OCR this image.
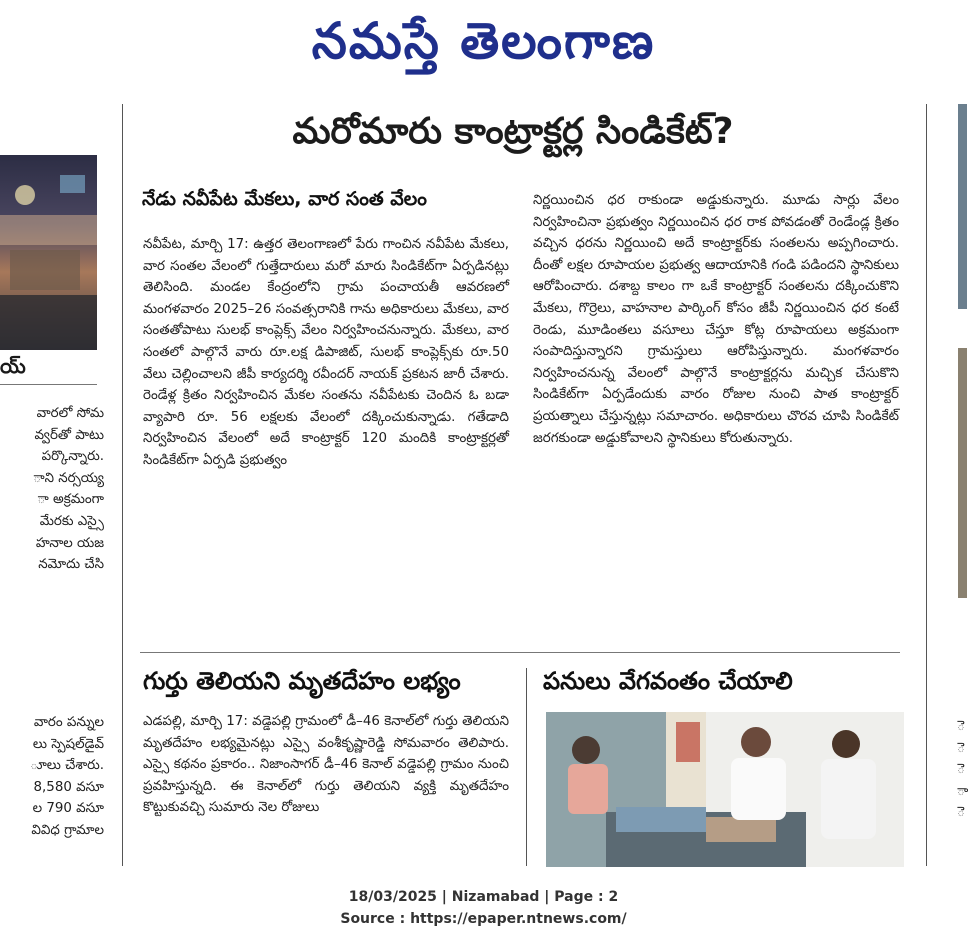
నమస్తే తెలంగాణ
య్
వారలో సోమ
వ్వర్‌తో పాటు
పర్కొన్నారు.
ాని నర్సయ్య
ా అక్రమంగా
మేరకు ఎస్సై
హనాల యజ
నమోదు చేసి
వారం పన్నుల
లు స్పెషల్‌డైవ్
ూలు చేశారు.
8,580 వసూ
ల 790 వసూ
వివిధ గ్రామాల
మరోమారు కాంట్రాక్టర్ల సిండికేట్?
నేడు నవీపేట మేకలు, వార సంత వేలం

నవీపేట, మార్చి 17: ఉత్తర తెలంగాణలో పేరు గాంచిన నవీపేట మేకలు, వార సంతల వేలంలో గుత్తేదారులు మరో మారు సిండికేట్‌గా ఏర్పడినట్లు తెలిసింది. మండల కేంద్రంలోని గ్రామ పంచాయతీ ఆవరణలో మంగళవారం 2025–26 సంవత్సరానికి గాను అధికారులు మేకలు, వార సంతతోపాటు సులభ్ కాంప్లెక్స్ వేలం నిర్వహించనున్నారు. మేకలు, వార సంతలో పాల్గొనే వారు రూ.లక్ష డిపాజిట్, సులభ్ కాంప్లెక్స్‌కు రూ.50 వేలు చెల్లించాలని జీపీ కార్యదర్శి రవీందర్ నాయక్ ప్రకటన జారీ చేశారు. రెండేళ్ల క్రితం నిర్వహించిన మేకల సంతను నవీపేటకు చెందిన ఓ బడా వ్యాపారి రూ. 56 లక్షలకు వేలంలో దక్కించుకున్నాడు. గతేడాది నిర్వహించిన వేలంలో అదే కాంట్రాక్టర్ 120 మందికి కాంట్రాక్టర్లతో సిండికేట్‌గా ఏర్పడి ప్రభుత్వం

నిర్ణయించిన ధర రాకుండా అడ్డుకున్నారు. మూడు సార్లు వేలం నిర్వహించినా ప్రభుత్వం నిర్ణయించిన ధర రాక పోవడంతో రెండేండ్ల క్రితం వచ్చిన ధరను నిర్ణయించి అదే కాంట్రాక్టర్‌కు సంతలను అప్పగించారు. దీంతో లక్షల రూపాయల ప్రభుత్వ ఆదాయానికి గండి పడిందని స్థానికులు ఆరోపించారు. దశాబ్ద కాలం గా ఒకే కాంట్రాక్టర్ సంతలను దక్కించుకొని మేకలు, గొర్రెలు, వాహనాల పార్కింగ్ కోసం జీపీ నిర్ణయించిన ధర కంటే రెండు, మూడింతలు వసూలు చేస్తూ కోట్ల రూపాయలు అక్రమంగా సంపాదిస్తున్నారని గ్రామస్తులు ఆరోపిస్తున్నారు. మంగళవారం నిర్వహించనున్న వేలంలో పాల్గొనే కాంట్రాక్టర్లను మచ్చిక చేసుకొని సిండికేట్‌గా ఏర్పడేందుకు వారం రోజుల నుంచి పాత కాంట్రాక్టర్ ప్రయత్నాలు చేస్తున్నట్లు సమాచారం. అధికారులు చొరవ చూపి సిండికేట్ జరగకుండా అడ్డుకోవాలని స్థానికులు కోరుతున్నారు.

గుర్తు తెలియని మృతదేహం లభ్యం

ఎడపల్లి, మార్చి 17: వడ్డెపల్లి గ్రామంలో డీ–46 కెనాల్‌లో గుర్తు తెలియని మృతదేహం లభ్యమైనట్లు ఎస్సై వంశీకృష్ణారెడ్డి సోమవారం తెలిపారు. ఎస్సై కథనం ప్రకారం.. నిజాంసాగర్ డీ–46 కెనాల్ వడ్డెపల్లి గ్రామం నుంచి ప్రవహిస్తున్నది. ఈ కెనాల్‌లో గుర్తు తెలియని వ్యక్తి మృతదేహం కొట్టుకువచ్చి సుమారు నెల రోజులు

పనులు వేగవంతం చేయాలి
ె
ె
ె
ా
ె
18/03/2025 | Nizamabad | Page : 2
Source : https://epaper.ntnews.com/
